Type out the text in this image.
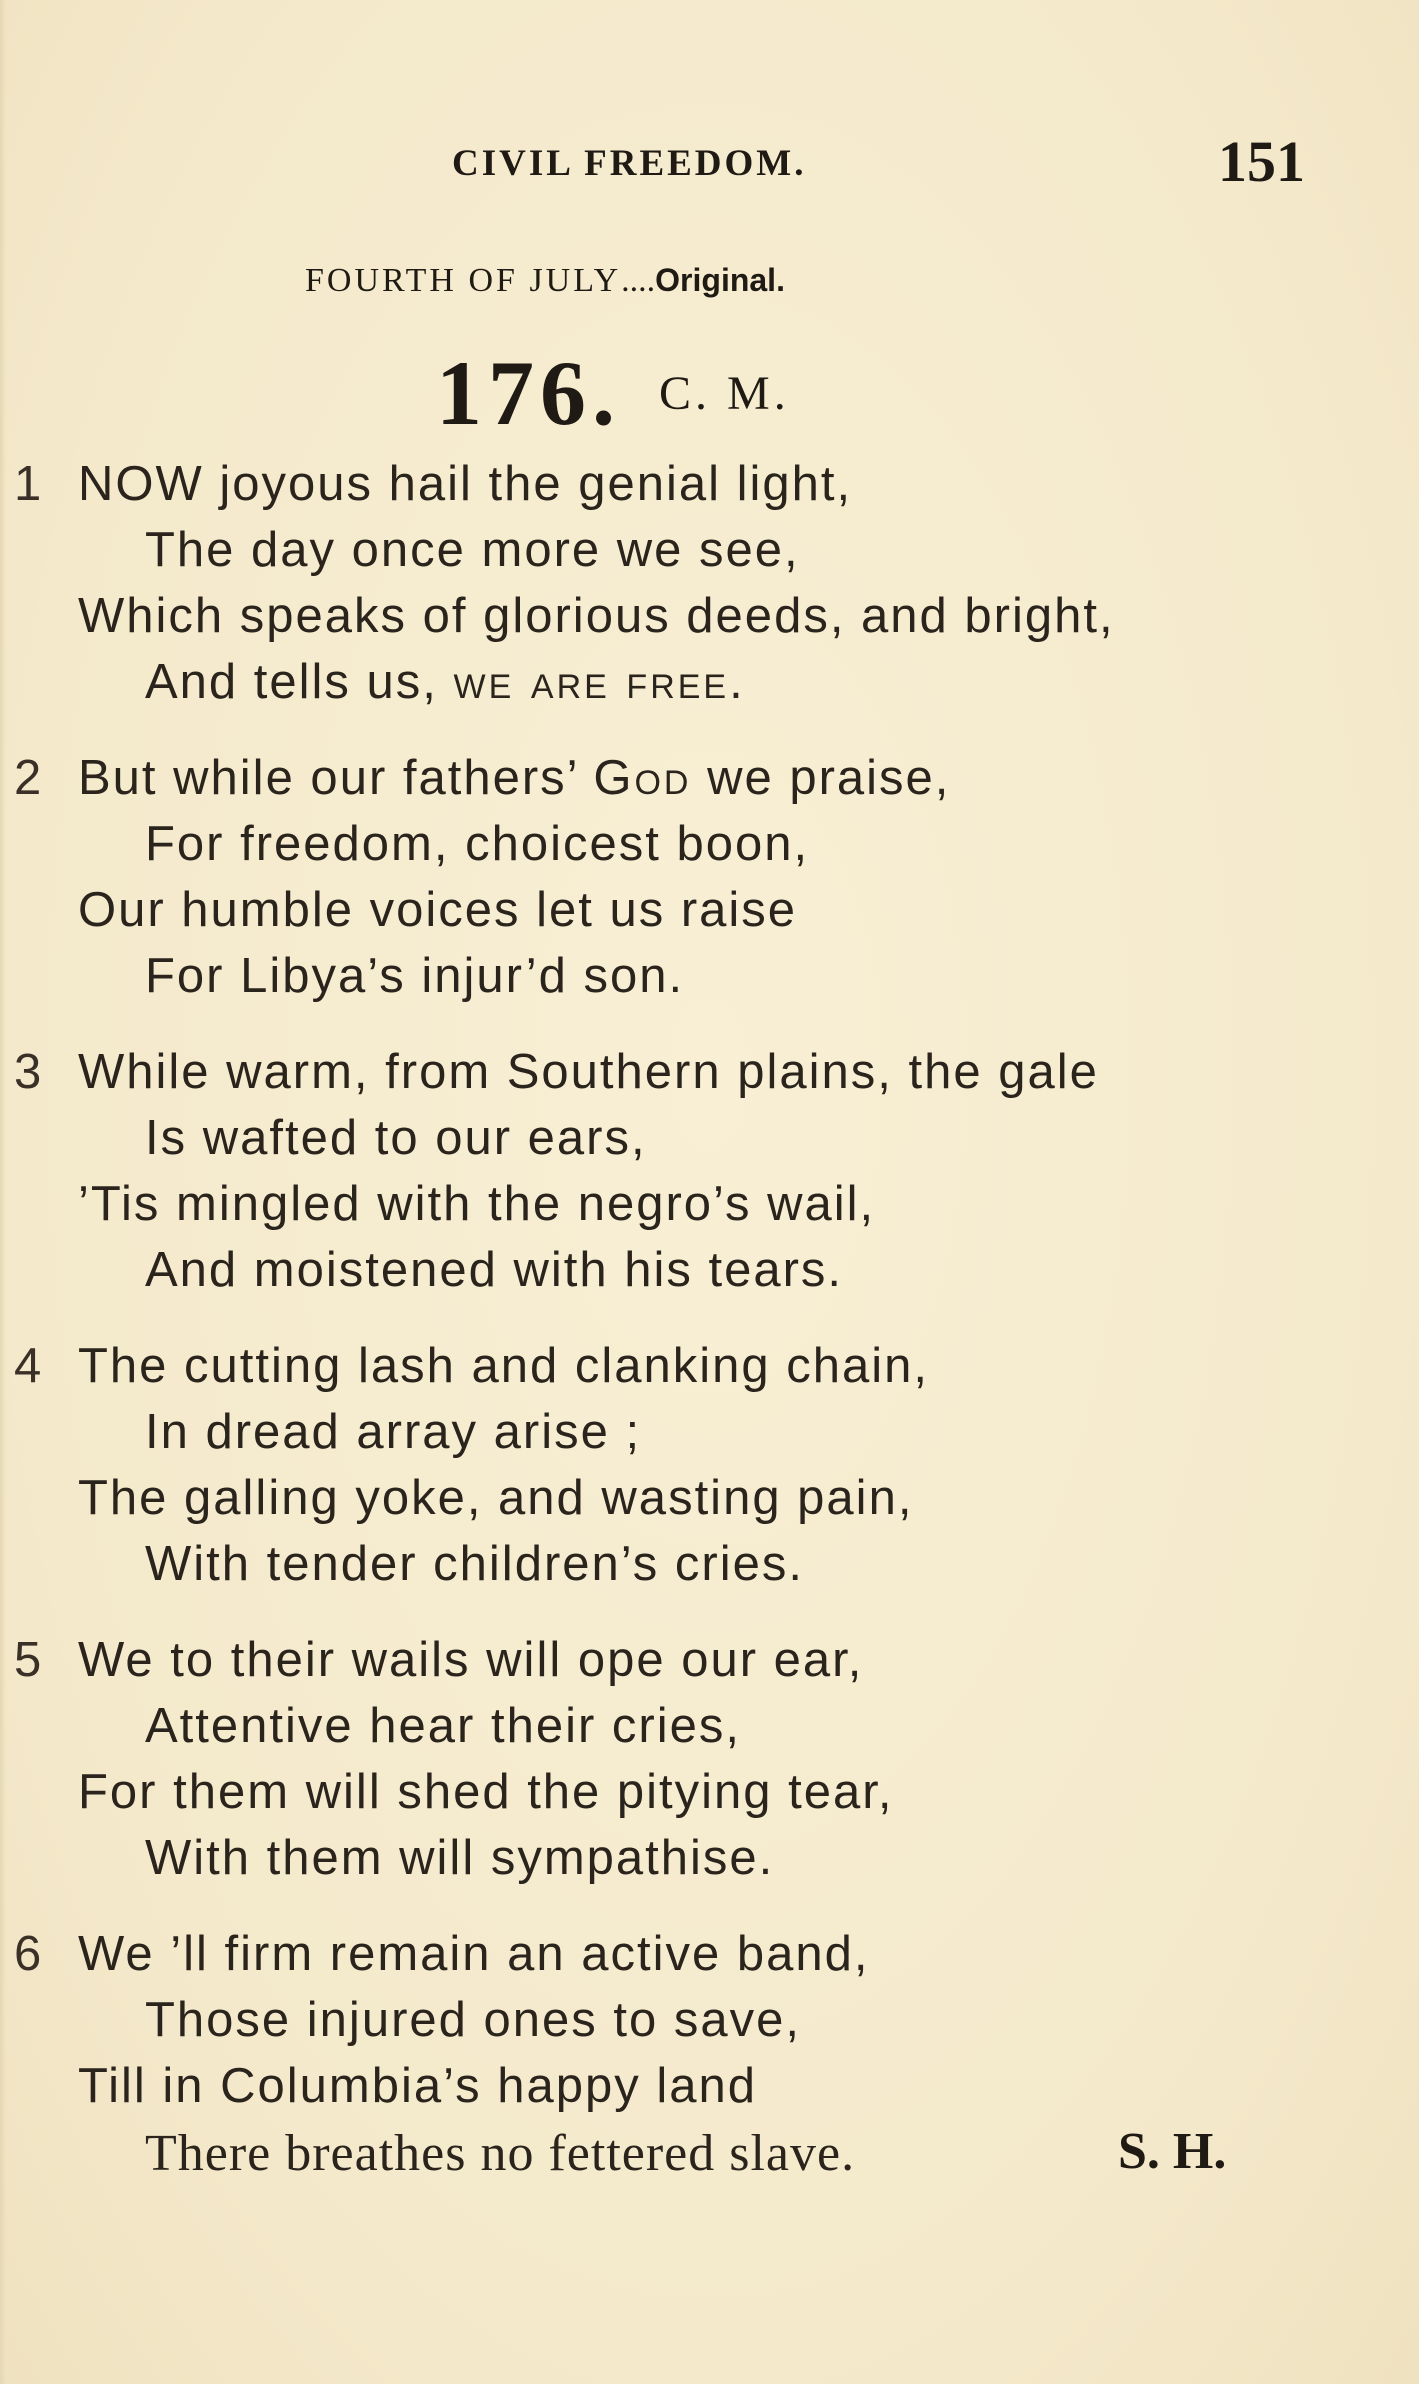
CIVIL FREEDOM.	151
FOURTH OF JULY....Original.
176. C. M.
1 NOW joyous hail the genial light,
The day once more we see,
Which speaks of glorious deeds, and bright,
And tells us, we are free.
2 But while our fathers’ God we praise,
For freedom, choicest boon,
Our humble voices let us raise
For Libya’s injur’d son.
3 While warm, from Southern plains, the gale
Is wafted to our ears,
’Tis mingled with the negro’s wail,
And moistened with his tears.
4 The cutting lash and clanking chain,
In dread array arise ;
The galling yoke, and wasting pain,
With tender children’s cries.
5 We to their wails will ope our ear,
Attentive hear their cries,
For them will shed the pitying tear,
With them will sympathise.
6 We ’ll firm remain an active band,
Those injured ones to save,
Till in Columbia’s happy land
There breathes no fettered slave.	S. H.
